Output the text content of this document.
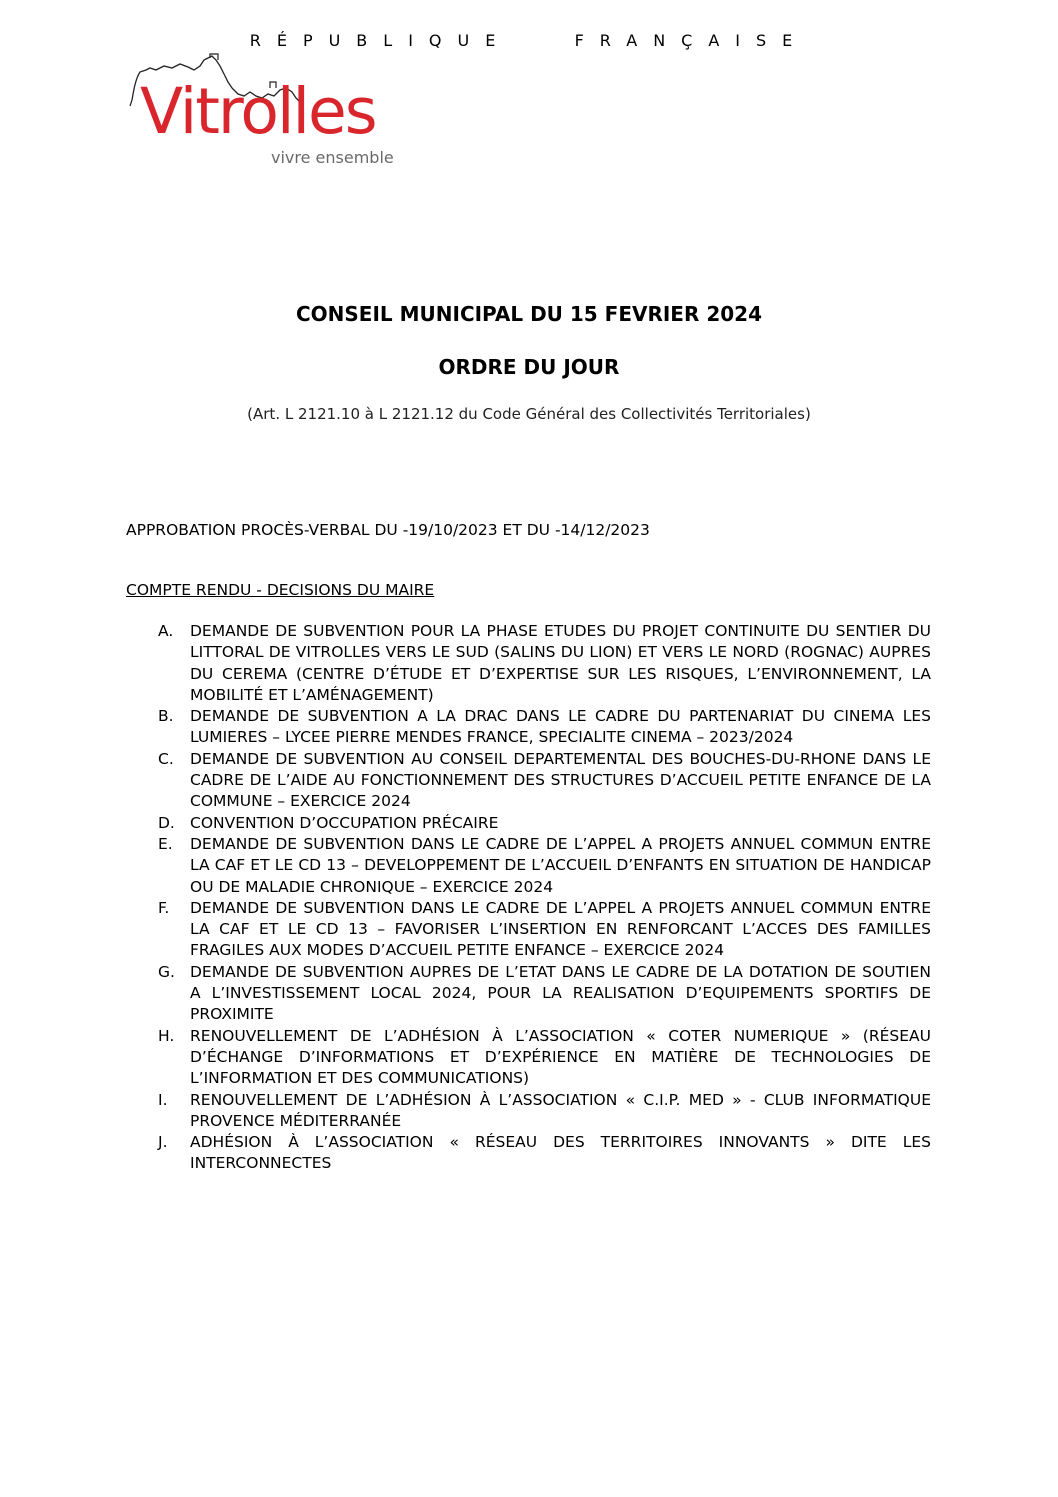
RÉPUBLIQUE   FRANÇAISE
Vitrolles
vivre ensemble
CONSEIL MUNICIPAL DU 15 FEVRIER 2024
ORDRE DU JOUR
(Art. L 2121.10 à L 2121.12 du Code Général des Collectivités Territoriales)
APPROBATION PROCÈS-VERBAL DU -19/10/2023 ET DU -14/12/2023
COMPTE RENDU - DECISIONS DU MAIRE
A. DEMANDE DE SUBVENTION POUR LA PHASE ETUDES DU PROJET CONTINUITE DU SENTIER DU LITTORAL DE VITROLLES VERS LE SUD (SALINS DU LION) ET VERS LE NORD (ROGNAC) AUPRES DU CEREMA (CENTRE D’ÉTUDE ET D’EXPERTISE SUR LES RISQUES, L’ENVIRONNEMENT, LA MOBILITÉ ET L’AMÉNAGEMENT)
B. DEMANDE DE SUBVENTION A LA DRAC DANS LE CADRE DU PARTENARIAT DU CINEMA LES LUMIERES – LYCEE PIERRE MENDES FRANCE, SPECIALITE CINEMA – 2023/2024
C. DEMANDE DE SUBVENTION AU CONSEIL DEPARTEMENTAL DES BOUCHES-DU-RHONE DANS LE CADRE DE L’AIDE AU FONCTIONNEMENT DES STRUCTURES D’ACCUEIL PETITE ENFANCE DE LA COMMUNE – EXERCICE 2024
D. CONVENTION D’OCCUPATION PRÉCAIRE
E. DEMANDE DE SUBVENTION DANS LE CADRE DE L’APPEL A PROJETS ANNUEL COMMUN ENTRE LA CAF ET LE CD 13 – DEVELOPPEMENT DE L’ACCUEIL D’ENFANTS EN SITUATION DE HANDICAP OU DE MALADIE CHRONIQUE – EXERCICE 2024
F. DEMANDE DE SUBVENTION DANS LE CADRE DE L’APPEL A PROJETS ANNUEL COMMUN ENTRE LA CAF ET LE CD 13 – FAVORISER L’INSERTION EN RENFORCANT L’ACCES DES FAMILLES FRAGILES AUX MODES D’ACCUEIL PETITE ENFANCE – EXERCICE 2024
G. DEMANDE DE SUBVENTION AUPRES DE L’ETAT DANS LE CADRE DE LA DOTATION DE SOUTIEN A L’INVESTISSEMENT LOCAL 2024, POUR LA REALISATION D’EQUIPEMENTS SPORTIFS DE PROXIMITE
H. RENOUVELLEMENT DE L’ADHÉSION À L’ASSOCIATION « COTER NUMERIQUE » (RÉSEAU D’ÉCHANGE D’INFORMATIONS ET D’EXPÉRIENCE EN MATIÈRE DE TECHNOLOGIES DE L’INFORMATION ET DES COMMUNICATIONS)
I. RENOUVELLEMENT DE L’ADHÉSION À L’ASSOCIATION « C.I.P. MED » - CLUB INFORMATIQUE PROVENCE MÉDITERRANÉE
J. ADHÉSION À L’ASSOCIATION « RÉSEAU DES TERRITOIRES INNOVANTS » DITE LES INTERCONNECTES
